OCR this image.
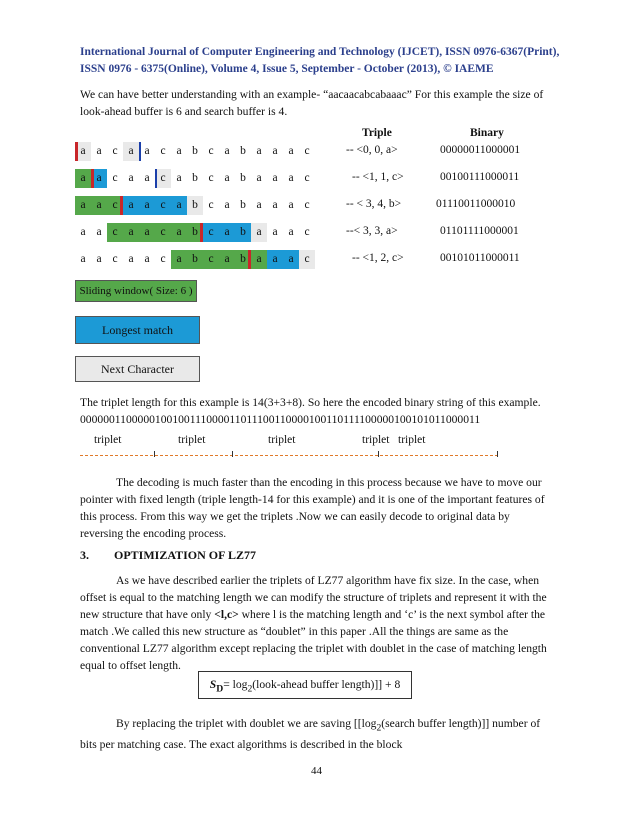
International Journal of Computer Engineering and Technology (IJCET), ISSN 0976-6367(Print),
ISSN 0976 - 6375(Online), Volume 4, Issue 5, September - October (2013), © IAEME
We can have better understanding with an example- “aacaacabcabaaac” For this example the size of
look-ahead buffer is 6 and search buffer is 4.
Triple	Binary
a a c a a c a b c a b a a a c	-- <0, 0, a>	00000011000001
a a c a a c a b c a b a a a c	-- <1, 1, c>	00100111000011
a a c a a c a b c a b a a a c	-- < 3, 4, b>	01110011000010
a a c a a c a b c a b a a a c	--< 3, 3, a>	01101111000001
a a c a a c a b c a b a a a c	-- <1, 2, c>	00101011000011
Sliding window( Size: 6 )
Longest match
Next Character
The triplet length for this example is 14(3+3+8). So here the encoded binary string of this example.
0000001100000100100111000011011100110000100110111100000100101011000011
triplet	triplet	triplet	triplet triplet
The decoding is much faster than the encoding in this process because we have to move our
pointer with fixed length (triple length-14 for this example) and it is one of the important features of
this process. From this way we get the triplets .Now we can easily decode to original data by
reversing the encoding process.
3. OPTIMIZATION OF LZ77
As we have described earlier the triplets of LZ77 algorithm have fix size. In the case, when
offset is equal to the matching length we can modify the structure of triplets and represent it with the
new structure that have only <l,c> where l is the matching length and ‘c’ is the next symbol after the
match .We called this new structure as “doublet” in this paper .All the things are same as the
conventional LZ77 algorithm except replacing the triplet with doublet in the case of matching length
equal to offset length.
$S_D=$ $\log_2(look$-ahead buffer length)]] + 8
By replacing the triplet with doublet we are saving [[$\log_2(search$ buffer length)]] number of
bits per matching case. The exact algorithms is described in the block
44
